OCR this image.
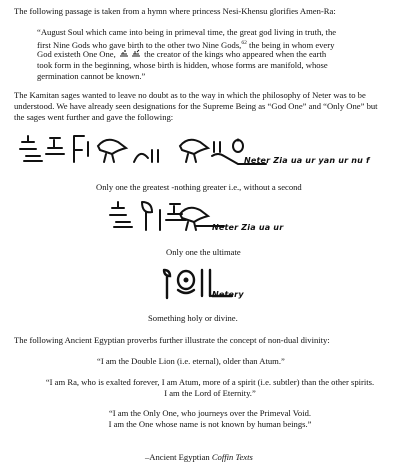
The following passage is taken from a hymn where princess Nesi-Khensu glorifies Amen-Ra:
“August Soul which came into being in primeval time, the great god living in truth, the
first Nine Gods who gave birth to the other two Nine Gods,$^{62}$ the being in whom every
God existeth One One,	the creator of the kings who appeared when the earth
took form in the beginning, whose birth is hidden, whose forms are manifold, whose
germination cannot be known.”
The Kamitan sages wanted to leave no doubt as to the way in which the philosophy of Neter was to be
understood. We have already seen designations for the Supreme Being as “God One” and “Only One” but
the sages went further and gave the following:
Neter Zia ua ur yan ur nu f
Only one the greatest -nothing greater i.e., without a second
Neter Zia ua ur
Only one the ultimate
Netery
Something holy or divine.
The following Ancient Egyptian proverbs further illustrate the concept of non-dual divinity:
“I am the Double Lion (i.e. eternal), older than Atum.”
“I am Ra, who is exalted forever, I am Atum, more of a spirit (i.e. subtler) than the other spirits.
I am the Lord of Eternity.”
“I am the Only One, who journeys over the Primeval Void.
I am the One whose name is not known by human beings.”
–Ancient Egyptian Coffin Texts
